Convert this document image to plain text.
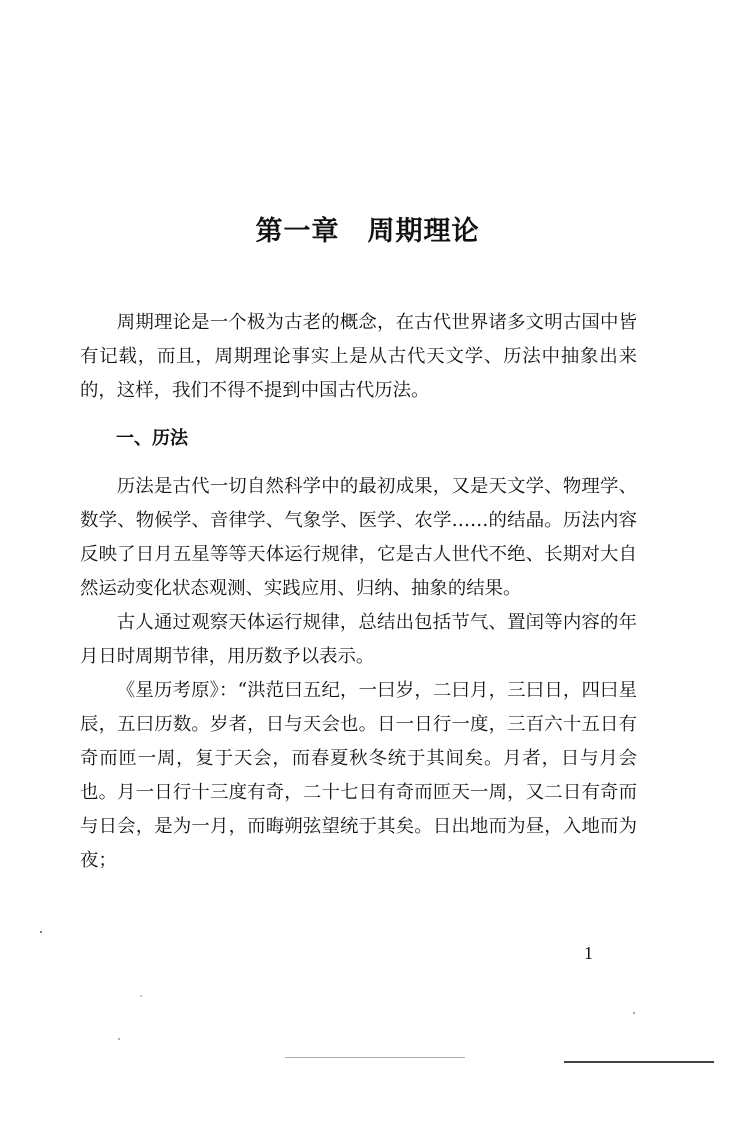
第一章　周期理论

周期理论是一个极为古老的概念，在古代世界诸多文明古国中皆有记载，而且，周期理论事实上是从古代天文学、历法中抽象出来的，这样，我们不得不提到中国古代历法。

一、历法

历法是古代一切自然科学中的最初成果，又是天文学、物理学、数学、物候学、音律学、气象学、医学、农学……的结晶。历法内容反映了日月五星等等天体运行规律，它是古人世代不绝、长期对大自然运动变化状态观测、实践应用、归纳、抽象的结果。

古人通过观察天体运行规律，总结出包括节气、置闰等内容的年月日时周期节律，用历数予以表示。

《星历考原》：“洪范曰五纪，一曰岁，二曰月，三曰日，四曰星辰，五曰历数。岁者，日与天会也。日一日行一度，三百六十五日有奇而匝一周，复于天会，而春夏秋冬统于其间矣。月者，日与月会也。月一日行十三度有奇，二十七日有奇而匝天一周，又二日有奇而与日会，是为一月，而晦朔弦望统于其矣。日出地而为昼，入地而为夜；

1
